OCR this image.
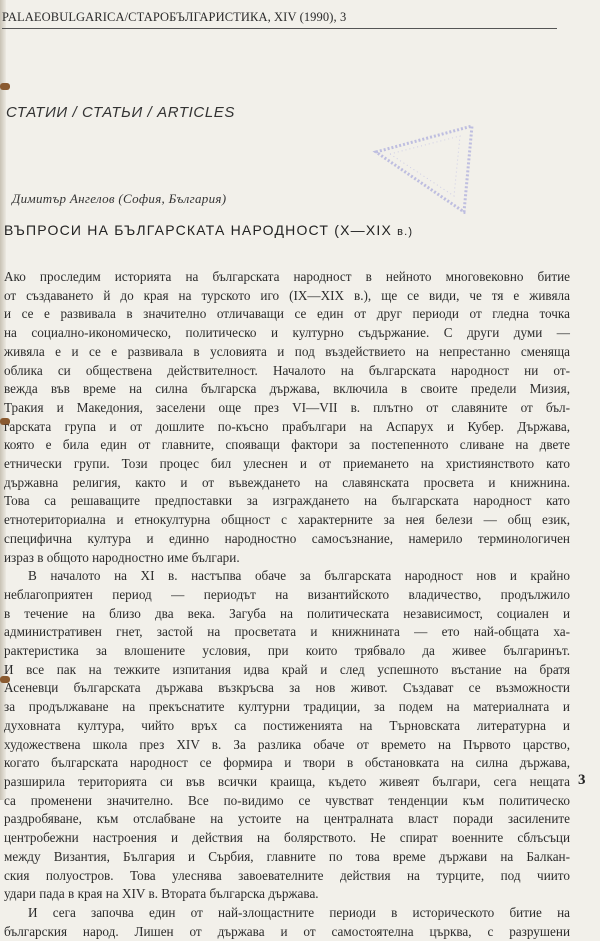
PALAEOBULGARICA/СТАРОБЪЛГАРИСТИКА, XIV (1990), 3
СТАТИИ / СТАТЬИ / ARTICLES
Димитър Ангелов (София, България)
ВЪПРОСИ НА БЪЛГАРСКАТА НАРОДНОСТ (X—XIX в.)
Ако проследим историята на българската народност в нейното многовековно битие
от създаването й до края на турското иго (IX—XIX в.), ще се види, че тя е живяла
и се е развивала в значително отличаващи се един от друг периоди от гледна точка
на социално-икономическо, политическо и културно съдържание. С други думи —
живяла е и се е развивала в условията и под въздействието на непрестанно сменяща
облика си обществена действителност. Началото на българската народност ни от-
вежда във време на силна българска държава, включила в своите предели Мизия,
Тракия и Македония, заселени още през VI—VII в. плътно от славяните от бъл-
гарската група и от дошлите по-късно прабългари на Аспарух и Кубер. Държава,
която е била един от главните, спояващи фактори за постепенното сливане на двете
етнически групи. Този процес бил улеснен и от приемането на християнството като
държавна религия, както и от въвеждането на славянската просвета и книжнина.
Това са решаващите предпоставки за изграждането на българската народност като
етнотериториална и етнокултурна общност с характерните за нея белези — общ език,
специфична култура и единно народностно самосъзнание, намерило терминологичен
израз в общото народностно име българи.
В началото на XI в. настъпва обаче за българската народност нов и крайно
неблагоприятен период — периодът на византийското владичество, продължило
в течение на близо два века. Загуба на политическата независимост, социален и
административен гнет, застой на просветата и книжнината — ето най-общата ха-
рактеристика за влошените условия, при които трябвало да живее българинът.
И все пак на тежките изпитания идва край и след успешното въстание на братя
Асеневци българската държава възкръсва за нов живот. Създават се възможности
за продължаване на прекъснатите културни традиции, за подем на материалната и
духовната култура, чийто връх са постиженията на Търновската литературна и
художествена школа през XIV в. За разлика обаче от времето на Първото царство,
когато българската народност се формира и твори в обстановката на силна държава,
разширила територията си във всички краища, където живеят българи, сега нещата
са променени значително. Все по-видимо се чувстват тенденции към политическо
раздробяване, към отслабване на устоите на централната власт поради засилените
центробежни настроения и действия на болярството. Не спират военните сблъсъци
между Византия, България и Сърбия, главните по това време държави на Балкан-
ския полуостров. Това улеснява завоевателните действия на турците, под чиито
удари пада в края на XIV в. Втората българска държава.
И сега започва един от най-злощастните периоди в историческото битие на
българския народ. Лишен от държава и от самостоятелна църква, с разрушени
3
